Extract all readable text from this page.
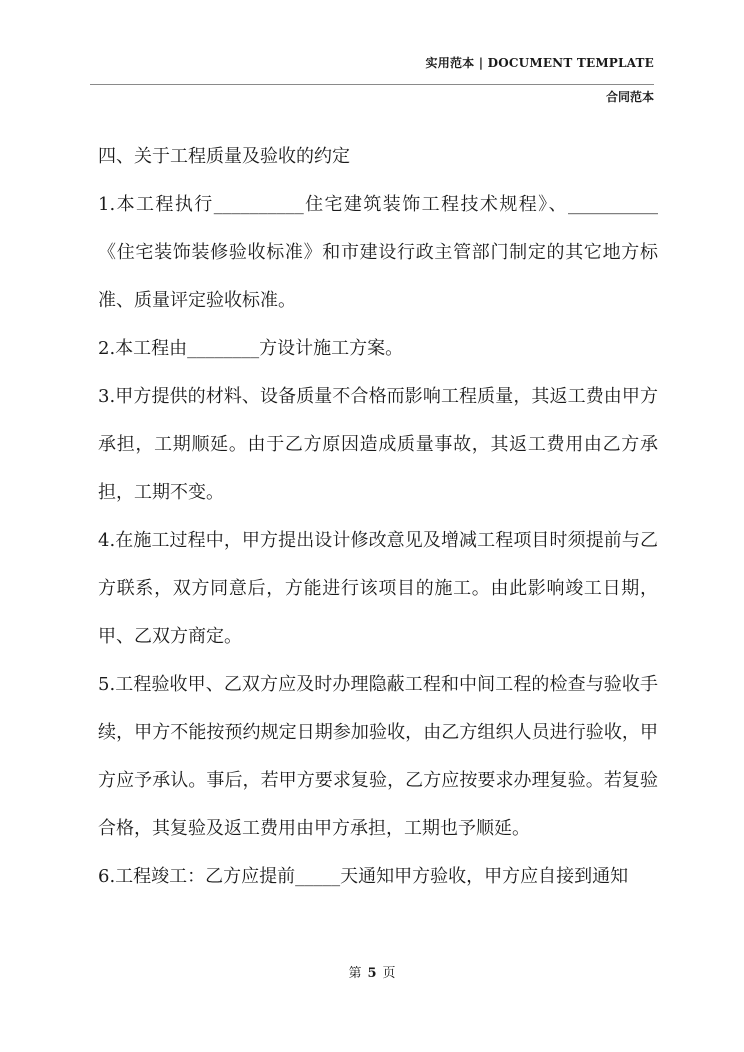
实用范本 | DOCUMENT TEMPLATE
合同范本

四、关于工程质量及验收的约定

1.本工程执行__________住宅建筑装饰工程技术规程》、__________《住宅装饰装修验收标准》和市建设行政主管部门制定的其它地方标准、质量评定验收标准。

2.本工程由________方设计施工方案。

3.甲方提供的材料、设备质量不合格而影响工程质量，其返工费由甲方承担，工期顺延。由于乙方原因造成质量事故，其返工费用由乙方承担，工期不变。

4.在施工过程中，甲方提出设计修改意见及增减工程项目时须提前与乙方联系，双方同意后，方能进行该项目的施工。由此影响竣工日期，甲、乙双方商定。

5.工程验收甲、乙双方应及时办理隐蔽工程和中间工程的检查与验收手续，甲方不能按预约规定日期参加验收，由乙方组织人员进行验收，甲方应予承认。事后，若甲方要求复验，乙方应按要求办理复验。若复验合格，其复验及返工费用由甲方承担，工期也予顺延。

6.工程竣工：乙方应提前_____天通知甲方验收，甲方应自接到通知

第 5 页
